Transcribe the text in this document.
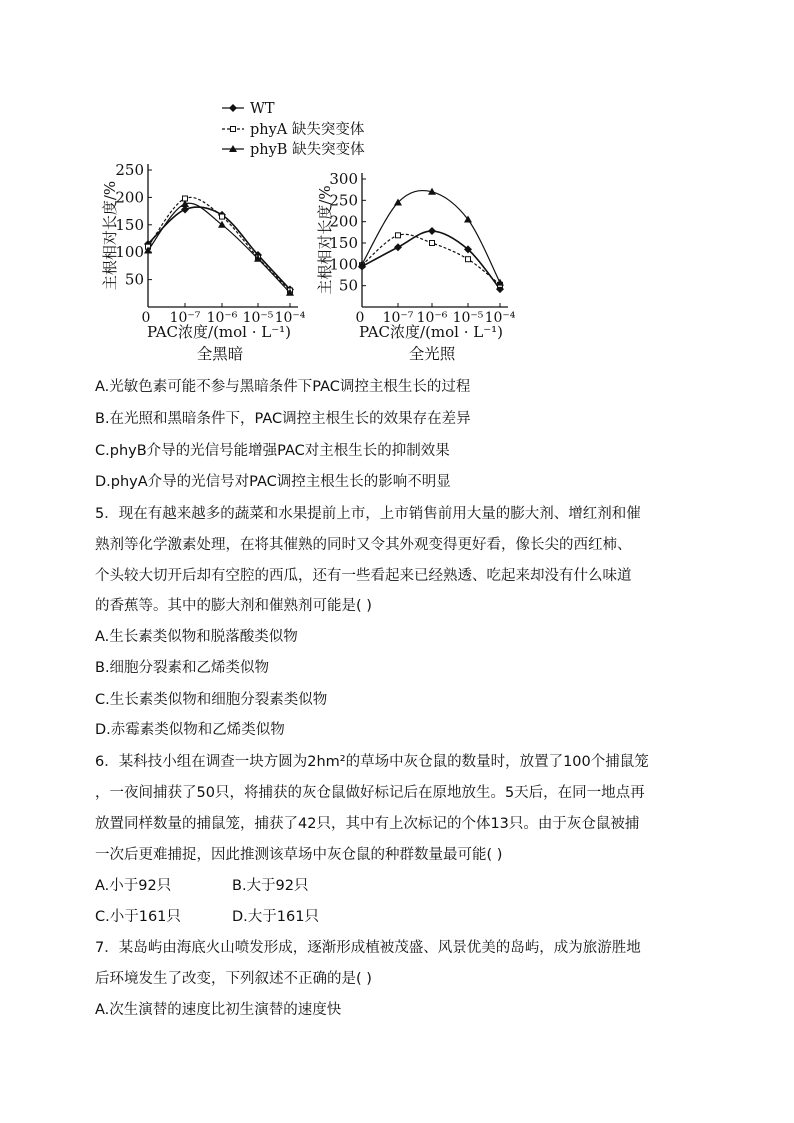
WT
phyA 缺失突变体
phyB 缺失突变体
50
100
150
200
250
0 10⁻⁷ 10⁻⁶ 10⁻⁵ 10⁻⁴
主根相对长度/%
PAC浓度/(mol · L⁻¹)
全黑暗
50
100
150
200
250
300
0 10⁻⁷ 10⁻⁶ 10⁻⁵ 10⁻⁴
主根相对长度/%
PAC浓度/(mol · L⁻¹)
全光照
A.光敏色素可能不参与黑暗条件下PAC调控主根生长的过程
B.在光照和黑暗条件下，PAC调控主根生长的效果存在差异
C.phyB介导的光信号能增强PAC对主根生长的抑制效果
D.phyA介导的光信号对PAC调控主根生长的影响不明显
5．现在有越来越多的蔬菜和水果提前上市，上市销售前用大量的膨大剂、增红剂和催
熟剂等化学激素处理，在将其催熟的同时又令其外观变得更好看，像长尖的西红柿、
个头较大切开后却有空腔的西瓜，还有一些看起来已经熟透、吃起来却没有什么味道
的香蕉等。其中的膨大剂和催熟剂可能是( )
A.生长素类似物和脱落酸类似物
B.细胞分裂素和乙烯类似物
C.生长素类似物和细胞分裂素类似物
D.赤霉素类似物和乙烯类似物
6．某科技小组在调查一块方圆为2hm²的草场中灰仓鼠的数量时，放置了100个捕鼠笼
，一夜间捕获了50只，将捕获的灰仓鼠做好标记后在原地放生。5天后，在同一地点再
放置同样数量的捕鼠笼，捕获了42只，其中有上次标记的个体13只。由于灰仓鼠被捕
一次后更难捕捉，因此推测该草场中灰仓鼠的种群数量最可能( )
A.小于92只	B.大于92只
C.小于161只	D.大于161只
7．某岛屿由海底火山喷发形成，逐渐形成植被茂盛、风景优美的岛屿，成为旅游胜地
后环境发生了改变，下列叙述不正确的是( )
A.次生演替的速度比初生演替的速度快
